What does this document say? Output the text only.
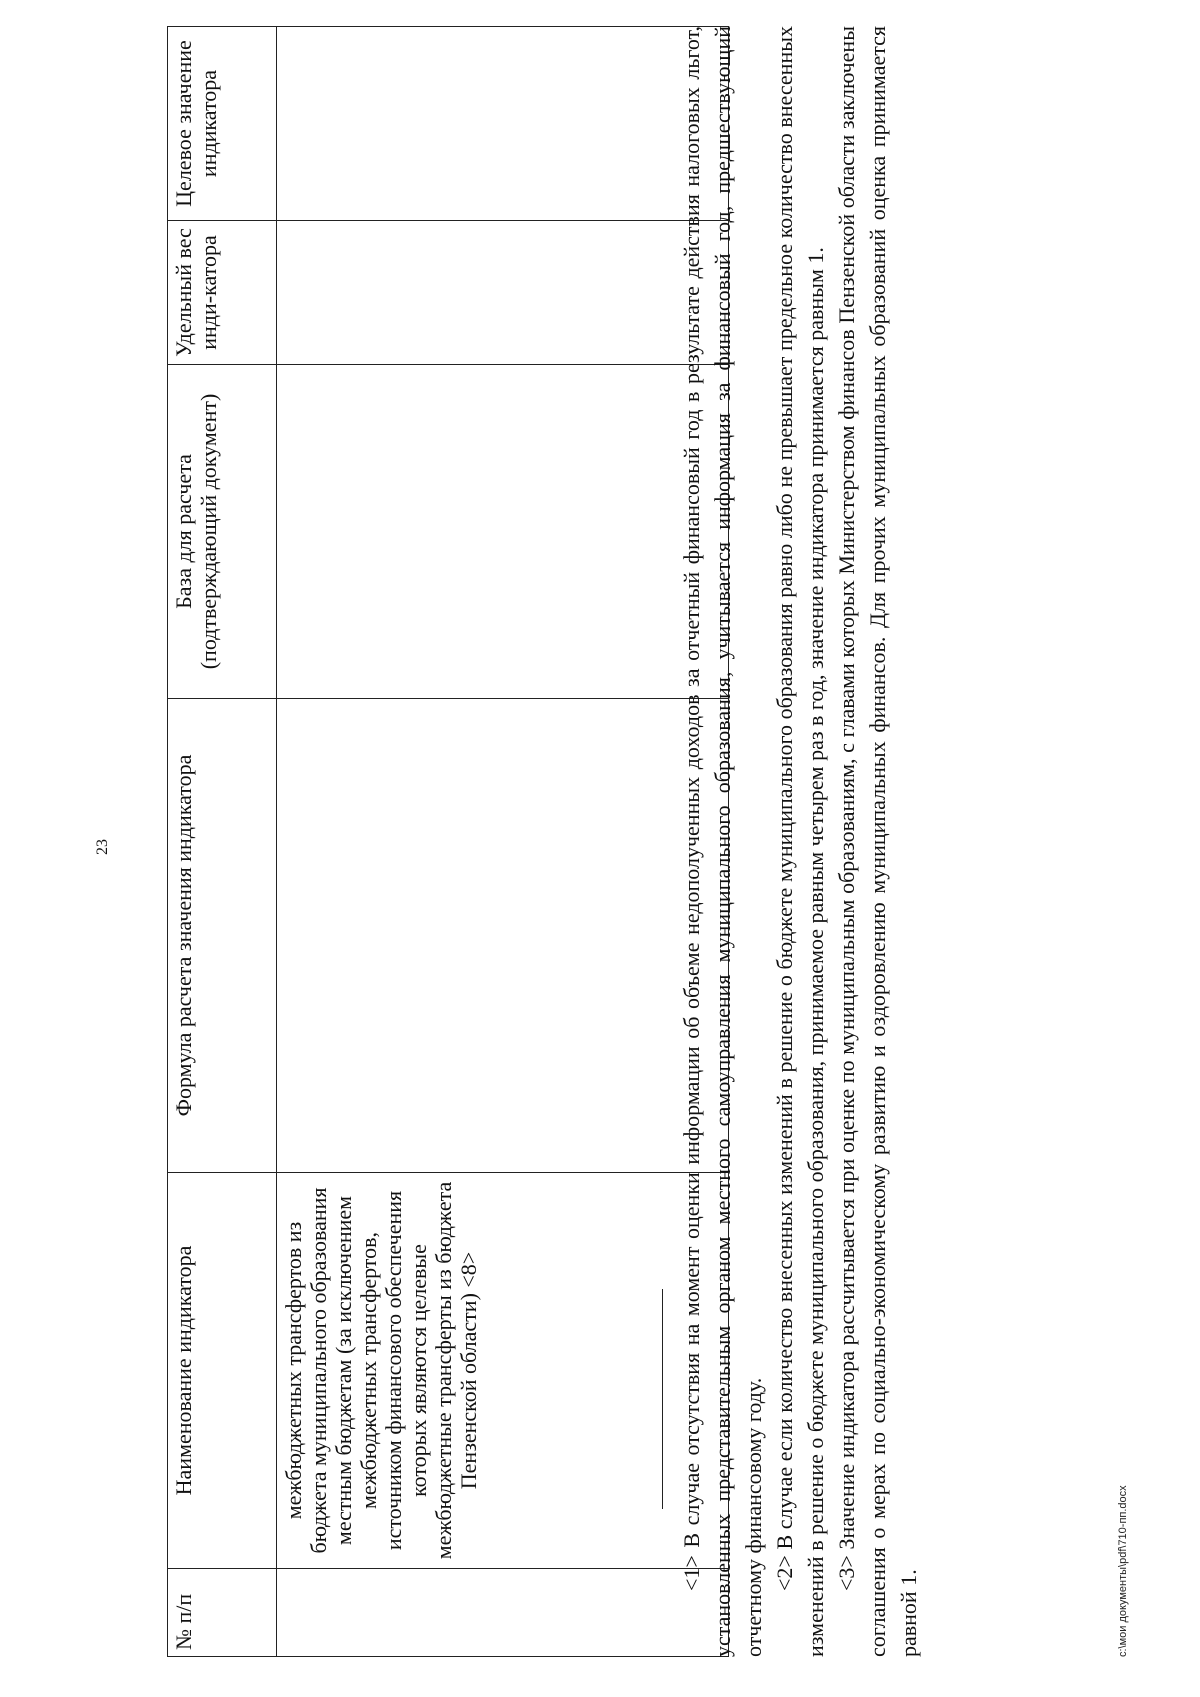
23
№ п/п	Наименование индикатора	Формула расчета значения индикатора	База для расчета (подтверждающий документ)	Удельный вес инди-катора	Целевое значение индикатора
	межбюджетных трансфертов из бюджета муниципального образования местным бюджетам (за исключением межбюджетных трансфертов, источником финансового обеспечения которых являются целевые межбюджетные трансферты из бюджета Пензенской области) <8>					<1> В случае отсутствия на момент оценки информации об объеме недополученных доходов за отчетный финансовый год в результате действия налоговых льгот, установленных представительным органом местного самоуправления муниципального образования, учитывается информация за финансовый год, предшествующий отчетному финансовому году. <2> В случае если количество внесенных изменений в решение о бюджете муниципального образования равно либо не превышает предельное количество внесенных изменений в решение о бюджете муниципального образования, принимаемое равным четырем раз в год, значение индикатора принимается равным 1. <3> Значение индикатора рассчитывается при оценке по муниципальным образованиям, с главами которых Министерством финансов Пензенской области заключены соглашения о мерах по социально-экономическому развитию и оздоровлению муниципальных финансов. Для прочих муниципальных образований оценка принимается равной 1.	c:\мои документы\pdf\710-пп.docx
